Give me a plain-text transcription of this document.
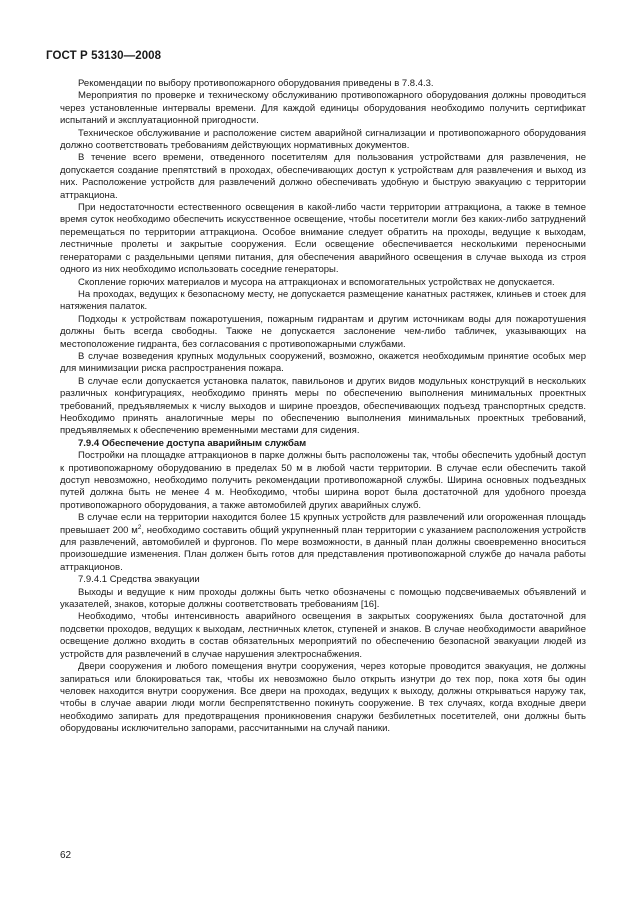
ГОСТ Р 53130—2008

Рекомендации по выбору противопожарного оборудования приведены в 7.8.4.3.

Мероприятия по проверке и техническому обслуживанию противопожарного оборудования должны проводиться через установленные интервалы времени. Для каждой единицы оборудования необходимо получить сертификат испытаний и эксплуатационной пригодности.

Техническое обслуживание и расположение систем аварийной сигнализации и противопожарного оборудования должно соответствовать требованиям действующих нормативных документов.

В течение всего времени, отведенного посетителям для пользования устройствами для развлечения, не допускается создание препятствий в проходах, обеспечивающих доступ к устройствам для развлечения и выход из них. Расположение устройств для развлечений должно обеспечивать удобную и быструю эвакуацию с территории аттракциона.

При недостаточности естественного освещения в какой-либо части территории аттракциона, а также в темное время суток необходимо обеспечить искусственное освещение, чтобы посетители могли без каких-либо затруднений перемещаться по территории аттракциона. Особое внимание следует обратить на проходы, ведущие к выходам, лестничные пролеты и закрытые сооружения. Если освещение обеспечивается несколькими переносными генераторами с раздельными цепями питания, для обеспечения аварийного освещения в случае выхода из строя одного из них необходимо использовать соседние генераторы.

Скопление горючих материалов и мусора на аттракционах и вспомогательных устройствах не допускается.

На проходах, ведущих к безопасному месту, не допускается размещение канатных растяжек, клиньев и стоек для натяжения палаток.

Подходы к устройствам пожаротушения, пожарным гидрантам и другим источникам воды для пожаротушения должны быть всегда свободны. Также не допускается заслонение чем-либо табличек, указывающих на местоположение гидранта, без согласования с противопожарными службами.

В случае возведения крупных модульных сооружений, возможно, окажется необходимым принятие особых мер для минимизации риска распространения пожара.

В случае если допускается установка палаток, павильонов и других видов модульных конструкций в нескольких различных конфигурациях, необходимо принять меры по обеспечению выполнения минимальных проектных требований, предъявляемых к числу выходов и ширине проездов, обеспечивающих подъезд транспортных средств. Необходимо принять аналогичные меры по обеспечению выполнения минимальных проектных требований, предъявляемых к обеспечению временными местами для сидения.

7.9.4 Обеспечение доступа аварийным службам

Постройки на площадке аттракционов в парке должны быть расположены так, чтобы обеспечить удобный доступ к противопожарному оборудованию в пределах 50 м в любой части территории. В случае если обеспечить такой доступ невозможно, необходимо получить рекомендации противопожарной службы. Ширина основных подъездных путей должна быть не менее 4 м. Необходимо, чтобы ширина ворот была достаточной для удобного проезда противопожарного оборудования, а также автомобилей других аварийных служб.

В случае если на территории находится более 15 крупных устройств для развлечений или огороженная площадь превышает 200 $м^2$, необходимо составить общий укрупненный план территории с указанием расположения устройств для развлечений, автомобилей и фургонов. По мере возможности, в данный план должны своевременно вноситься произошедшие изменения. План должен быть готов для представления противопожарной службе до начала работы аттракционов.

7.9.4.1 Средства эвакуации

Выходы и ведущие к ним проходы должны быть четко обозначены с помощью подсвечиваемых объявлений и указателей, знаков, которые должны соответствовать требованиям [16].

Необходимо, чтобы интенсивность аварийного освещения в закрытых сооружениях была достаточной для подсветки проходов, ведущих к выходам, лестничных клеток, ступеней и знаков. В случае необходимости аварийное освещение должно входить в состав обязательных мероприятий по обеспечению безопасной эвакуации людей из устройств для развлечений в случае нарушения электроснабжения.

Двери сооружения и любого помещения внутри сооружения, через которые проводится эвакуация, не должны запираться или блокироваться так, чтобы их невозможно было открыть изнутри до тех пор, пока хотя бы один человек находится внутри сооружения. Все двери на проходах, ведущих к выходу, должны открываться наружу так, чтобы в случае аварии люди могли беспрепятственно покинуть сооружение. В тех случаях, когда входные двери необходимо запирать для предотвращения проникновения снаружи безбилетных посетителей, они должны быть оборудованы исключительно запорами, рассчитанными на случай паники.

62
